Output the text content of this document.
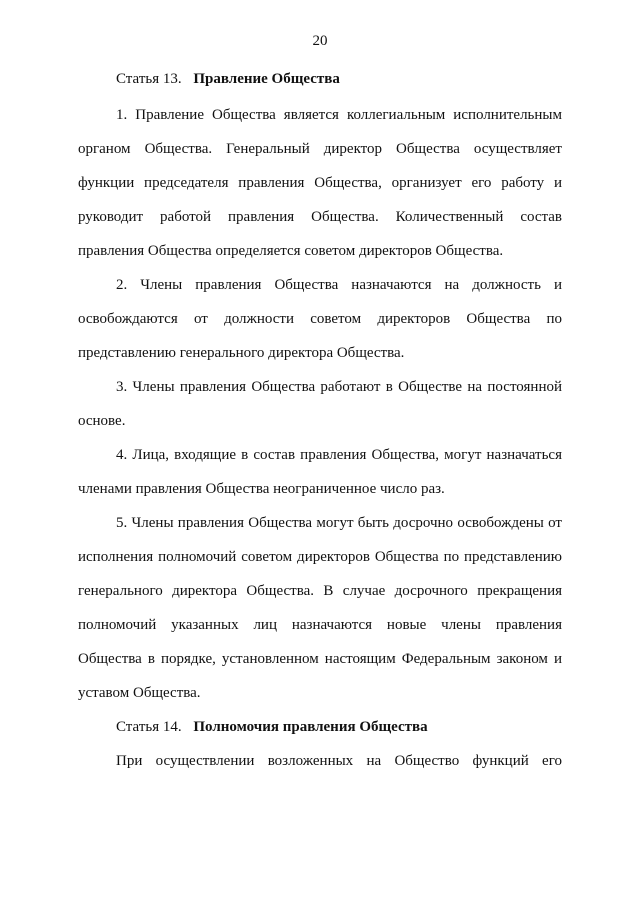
20

Статья 13. Правление Общества

1. Правление Общества является коллегиальным исполнительным органом Общества. Генеральный директор Общества осуществляет функции председателя правления Общества, организует его работу и руководит работой правления Общества. Количественный состав правления Общества определяется советом директоров Общества.

2. Члены правления Общества назначаются на должность и освобождаются от должности советом директоров Общества по представлению генерального директора Общества.

3. Члены правления Общества работают в Обществе на постоянной основе.

4. Лица, входящие в состав правления Общества, могут назначаться членами правления Общества неограниченное число раз.

5. Члены правления Общества могут быть досрочно освобождены от исполнения полномочий советом директоров Общества по представлению генерального директора Общества. В случае досрочного прекращения полномочий указанных лиц назначаются новые члены правления Общества в порядке, установленном настоящим Федеральным законом и уставом Общества.

Статья 14. Полномочия правления Общества

При осуществлении возложенных на Общество функций его
